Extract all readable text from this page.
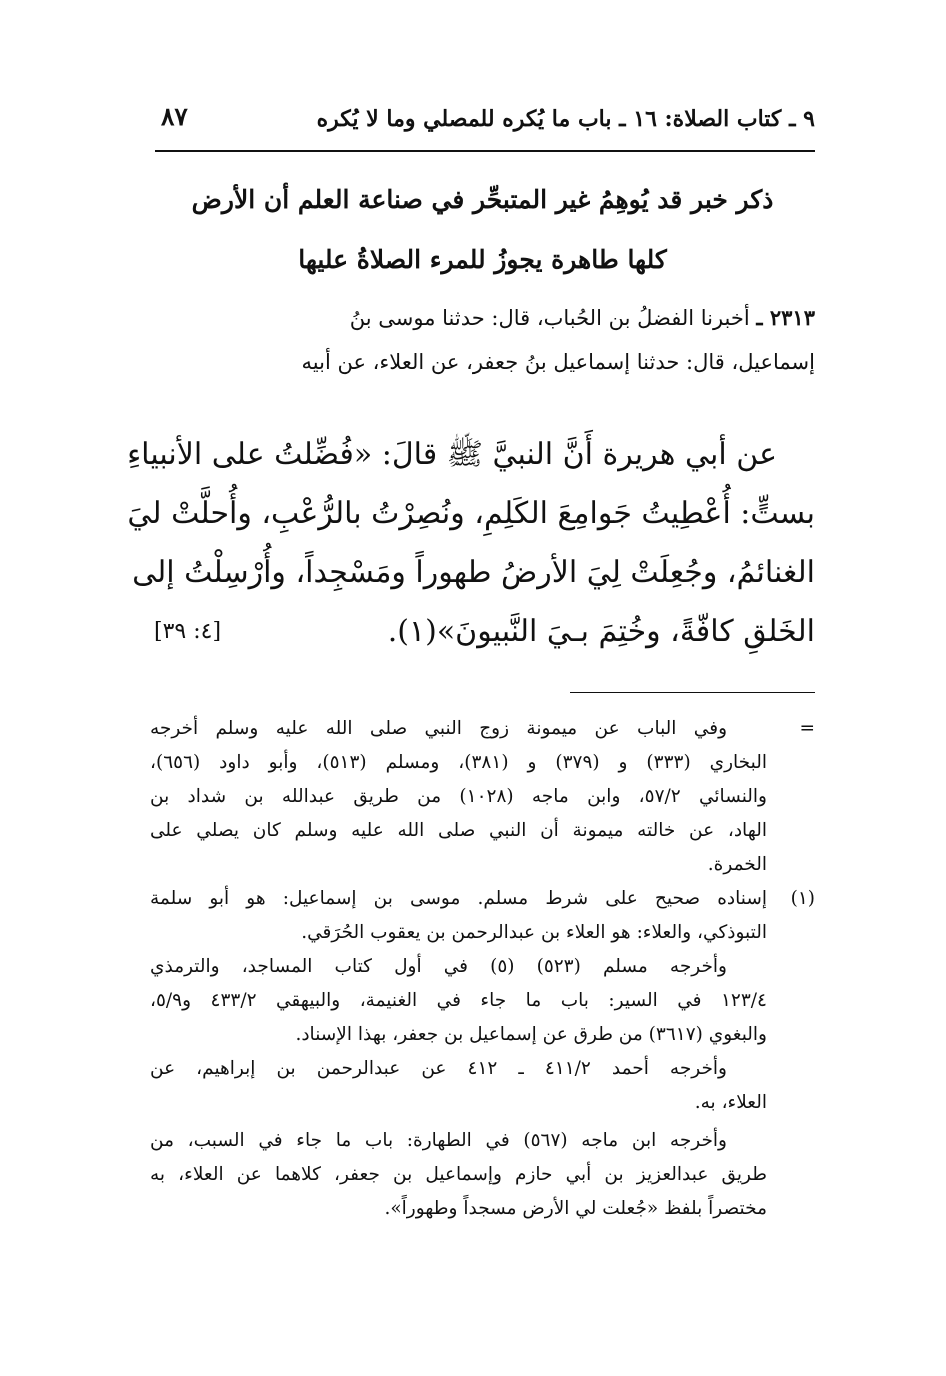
٩ ـ كتاب الصلاة: ١٦ ـ باب ما يُكره للمصلي وما لا يُكره
٨٧
ذكر خبر قد يُوهِمُ غير المتبحِّر في صناعة العلم أن الأرض
كلها طاهرة يجوزُ للمرء الصلاةُ عليها
٢٣١٣ ـ أخبرنا الفضلُ بن الحُباب، قال: حدثنا موسى بنُ
إسماعيل، قال: حدثنا إسماعيل بنُ جعفر، عن العلاء، عن أبيه
عن أبي هريرة أَنَّ النبيَّ ﷺ قالَ: «فُضِّلتُ على الأنبياءِ
بستٍّ: أُعْطِيتُ جَوامِعَ الكَلِمِ، ونُصِرْتُ بالرُّعْبِ، وأُحلَّتْ ليَ
الغنائمُ، وجُعِلَتْ لِيَ الأرضُ طهوراً ومَسْجِداً، وأُرْسِلْتُ إلى
الخَلقِ كافّةً، وخُتِمَ بـيَ النَّبيونَ»(١).
[٤: ٣٩]
=
وفي الباب عن ميمونة زوج النبي صلى الله عليه وسلم أخرجه
البخاري (٣٣٣) و (٣٧٩) و (٣٨١)، ومسلم (٥١٣)، وأبو داود (٦٥٦)،
والنسائي ٥٧/٢، وابن ماجه (١٠٢٨) من طريق عبدالله بن شداد بن
الهاد، عن خالته ميمونة أن النبي صلى الله عليه وسلم كان يصلي على
الخمرة.
(١)
إسناده صحيح على شرط مسلم. موسى بن إسماعيل: هو أبو سلمة
التبوذكي، والعلاء: هو العلاء بن عبدالرحمن بن يعقوب الحُرَقي.
وأخرجه مسلم (٥٢٣) (٥) في أول كتاب المساجد، والترمذي
١٢٣/٤ في السير: باب ما جاء في الغنيمة، والبيهقي ٤٣٣/٢ و٥/٩،
والبغوي (٣٦١٧) من طرق عن إسماعيل بن جعفر، بهذا الإسناد.
وأخرجه أحمد ٤١١/٢ ـ ٤١٢ عن عبدالرحمن بن إبراهيم، عن
العلاء، به.
وأخرجه ابن ماجه (٥٦٧) في الطهارة: باب ما جاء في السبب، من
طريق عبدالعزيز بن أبي حازم وإسماعيل بن جعفر، كلاهما عن العلاء، به
مختصراً بلفظ «جُعلت لي الأرض مسجداً وطهوراً».
